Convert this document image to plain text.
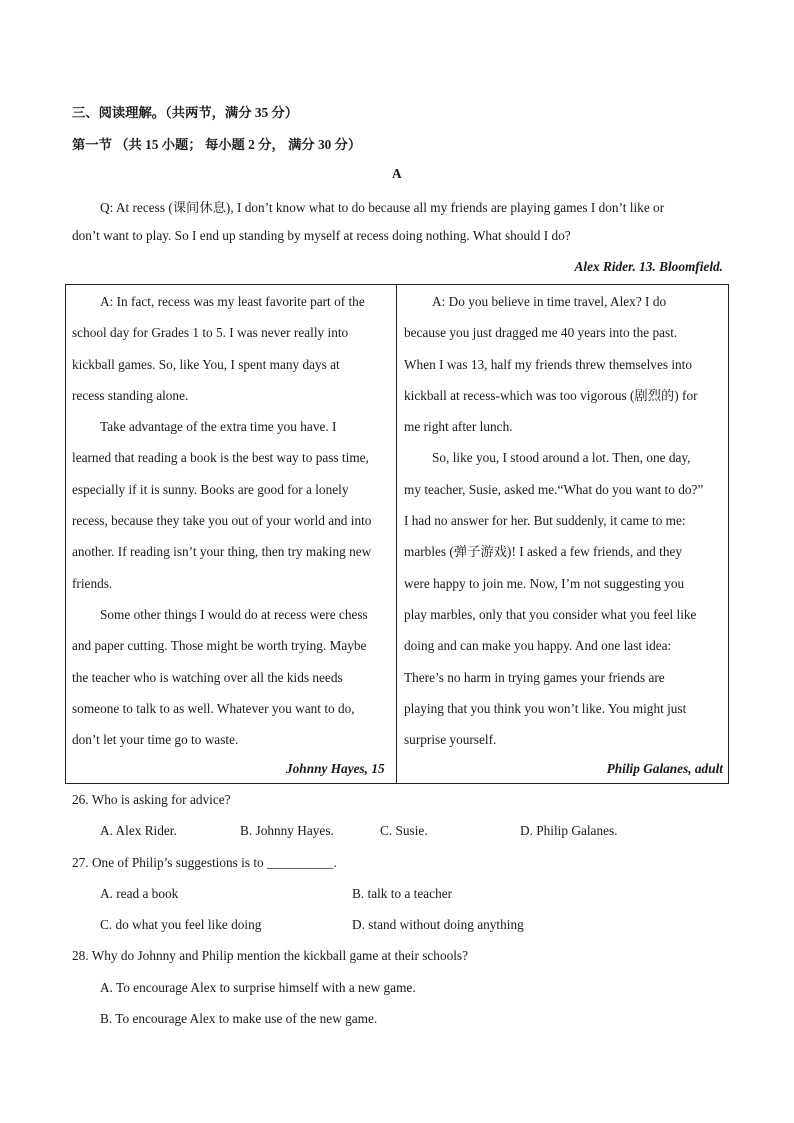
三、阅读理解。（共两节，满分 35 分）
第一节 （共 15 小题； 每小题 2 分， 满分 30 分）
A
Q: At recess (课间休息), I don’t know what to do because all my friends are playing games I don’t like or
don’t want to play. So I end up standing by myself at recess doing nothing. What should I do?
Alex Rider. 13. Bloomfield.

A: In fact, recess was my least favorite part of the

school day for Grades 1 to 5. I was never really into

kickball games. So, like You, I spent many days at

recess standing alone.

Take advantage of the extra time you have. I

learned that reading a book is the best way to pass time,

especially if it is sunny. Books are good for a lonely

recess, because they take you out of your world and into

another. If reading isn’t your thing, then try making new

friends.

Some other things I would do at recess were chess

and paper cutting. Those might be worth trying. Maybe

the teacher who is watching over all the kids needs

someone to talk to as well. Whatever you want to do,

don’t let your time go to waste.

Johnny Hayes, 15

A: Do you believe in time travel, Alex? I do

because you just dragged me 40 years into the past.

When I was 13, half my friends threw themselves into

kickball at recess-which was too vigorous (剧烈的) for

me right after lunch.

So, like you, I stood around a lot. Then, one day,

my teacher, Susie, asked me.“What do you want to do?”

I had no answer for her. But suddenly, it came to me:

marbles (弹子游戏)! I asked a few friends, and they

were happy to join me. Now, I’m not suggesting you

play marbles, only that you consider what you feel like

doing and can make you happy. And one last idea:

There’s no harm in trying games your friends are

playing that you think you won’t like. You might just

surprise yourself.

Philip Galanes, adult
26. Who is asking for advice?
A. Alex Rider.	B. Johnny Hayes.	C. Susie.	D. Philip Galanes.
27. One of Philip’s suggestions is to __________.
A. read a book	B. talk to a teacher
C. do what you feel like doing	D. stand without doing anything
28. Why do Johnny and Philip mention the kickball game at their schools?
A. To encourage Alex to surprise himself with a new game.
B. To encourage Alex to make use of the new game.
